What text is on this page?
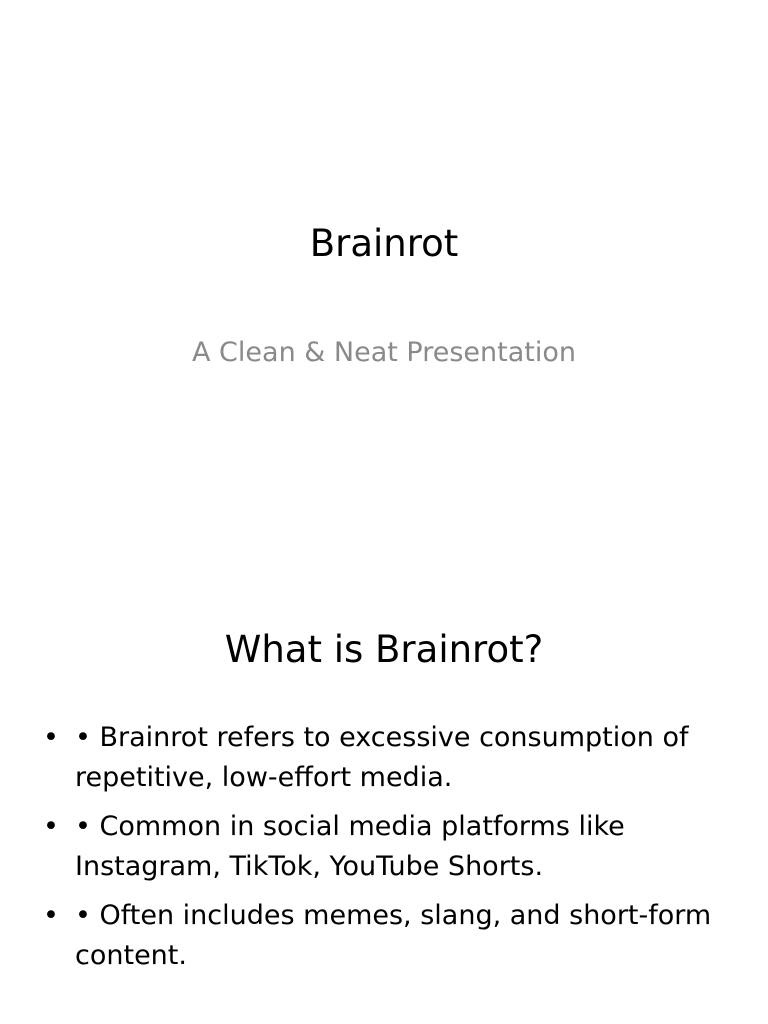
Brainrot

A Clean & Neat Presentation

What is Brainrot?
• • Brainrot refers to excessive consumption of repetitive, low-effort media.
• • Common in social media platforms like Instagram, TikTok, YouTube Shorts.
• • Often includes memes, slang, and short-form content.
